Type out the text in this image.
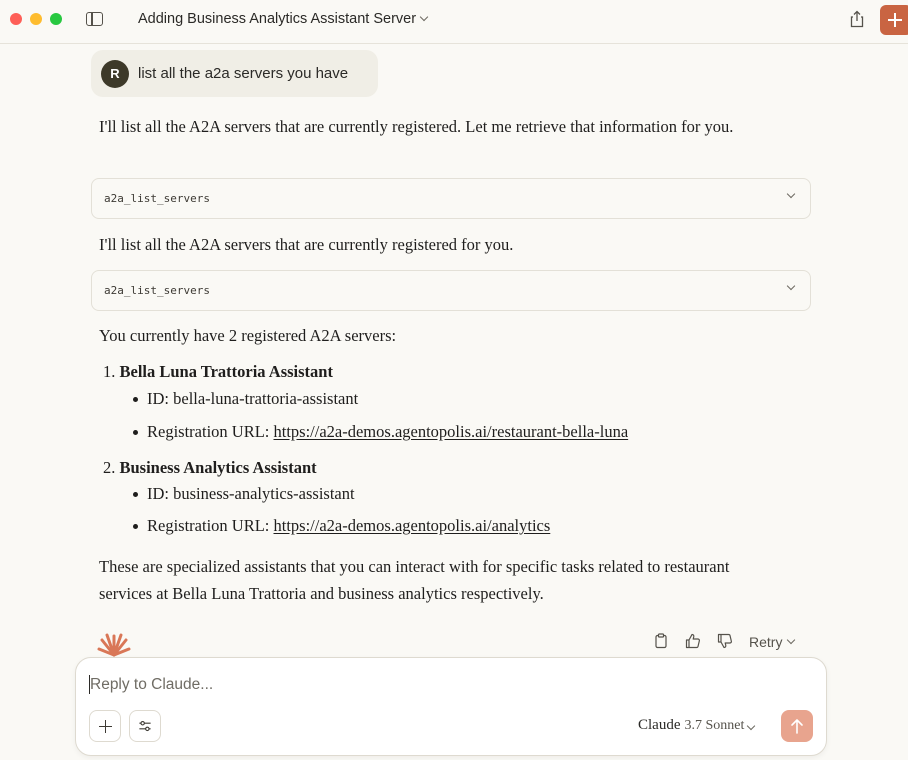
Adding Business Analytics Assistant Server
R	list all the a2a servers you have

I'll list all the A2A servers that are currently registered. Let me retrieve that information for you.

a2a_list_servers

I'll list all the A2A servers that are currently registered for you.

a2a_list_servers

You currently have 2 registered A2A servers:

1. Bella Luna Trattoria Assistant
ID: bella-luna-trattoria-assistant
Registration URL: https://a2a-demos.agentopolis.ai/restaurant-bella-luna
2. Business Analytics Assistant
ID: business-analytics-assistant
Registration URL: https://a2a-demos.agentopolis.ai/analytics

These are specialized assistants that you can interact with for specific tasks related to restaurant services at Bella Luna Trattoria and business analytics respectively.

Retry
Reply to Claude...
Claude 3.7 Sonnet
